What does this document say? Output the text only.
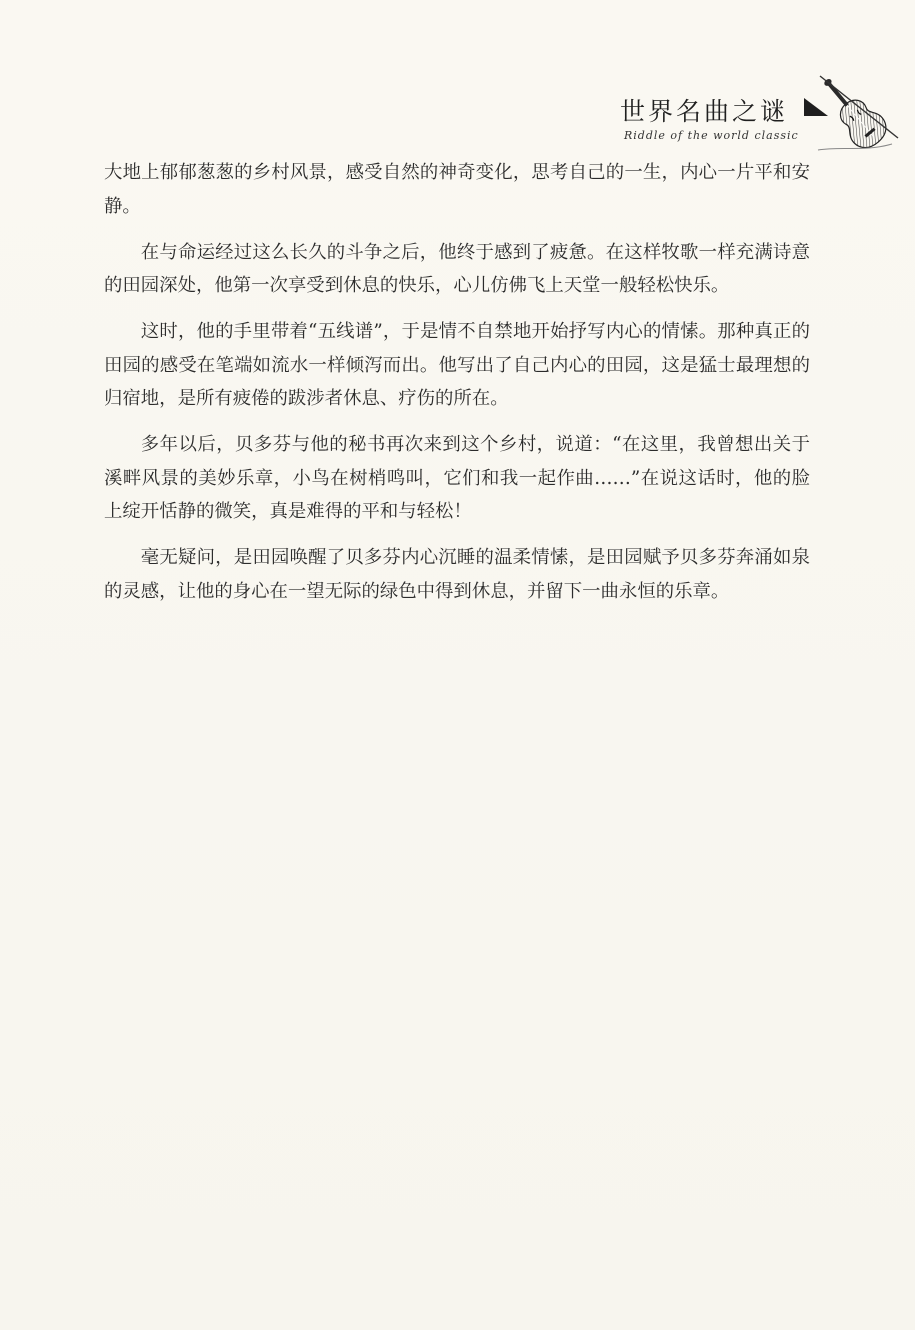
世界名曲之谜
Riddle of the world classic

大地上郁郁葱葱的乡村风景，感受自然的神奇变化，思考自己的一生，内心一片平和安静。

在与命运经过这么长久的斗争之后，他终于感到了疲惫。在这样牧歌一样充满诗意的田园深处，他第一次享受到休息的快乐，心儿仿佛飞上天堂一般轻松快乐。

这时，他的手里带着“五线谱”，于是情不自禁地开始抒写内心的情愫。那种真正的田园的感受在笔端如流水一样倾泻而出。他写出了自己内心的田园，这是猛士最理想的归宿地，是所有疲倦的跋涉者休息、疗伤的所在。

多年以后，贝多芬与他的秘书再次来到这个乡村，说道：“在这里，我曾想出关于溪畔风景的美妙乐章，小鸟在树梢鸣叫，它们和我一起作曲……”在说这话时，他的脸上绽开恬静的微笑，真是难得的平和与轻松！

毫无疑问，是田园唤醒了贝多芬内心沉睡的温柔情愫，是田园赋予贝多芬奔涌如泉的灵感，让他的身心在一望无际的绿色中得到休息，并留下一曲永恒的乐章。
